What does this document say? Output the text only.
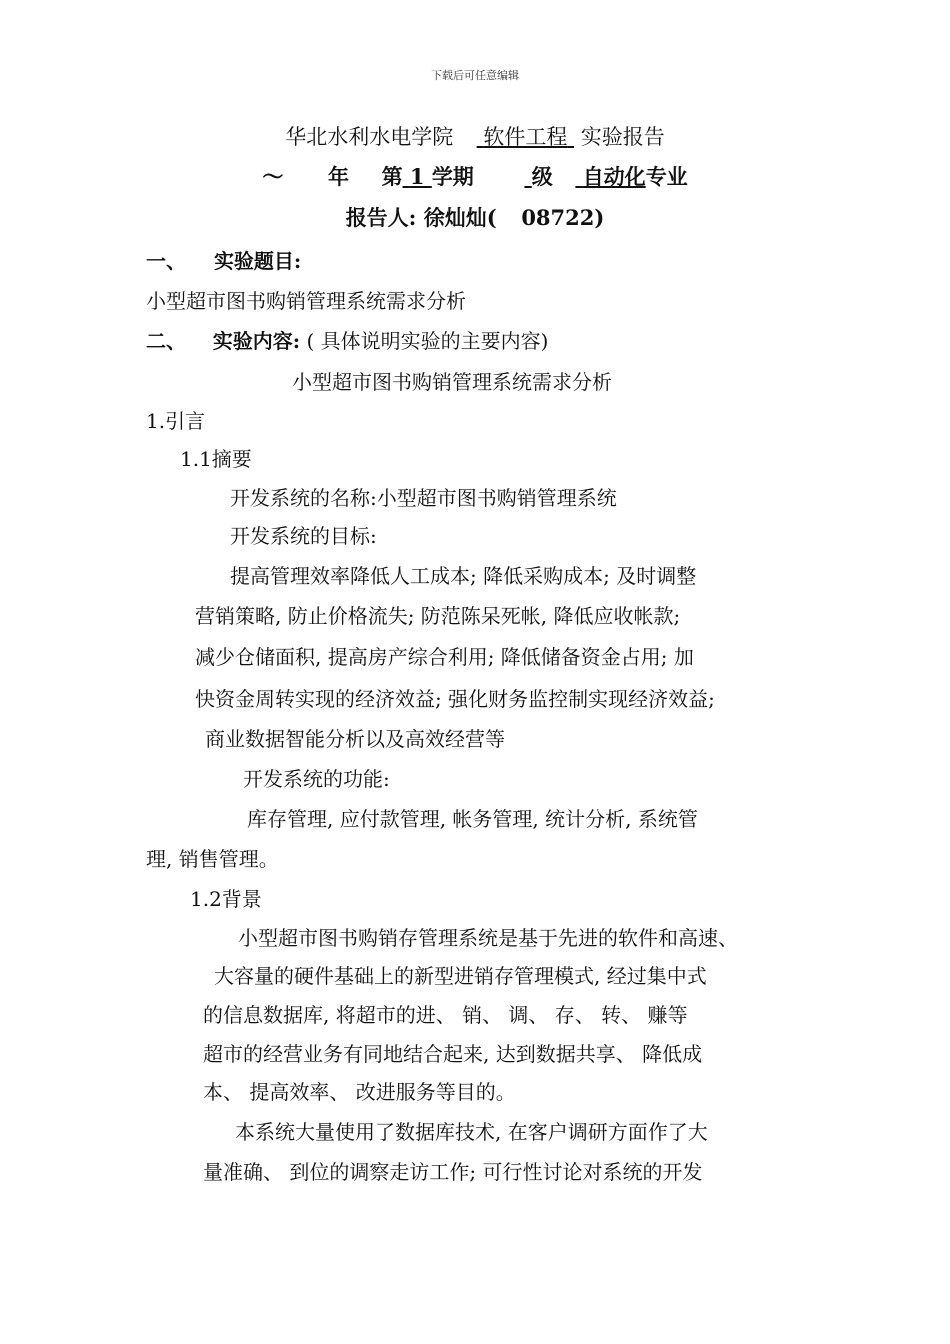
下载后可任意编辑
华北水利水电学院 软件工程 实验报告
～ 年 第 1 学期	级 自动化专业
报告人: 徐灿灿( 08722)
一、 实验题目:
小型超市图书购销管理系统需求分析
二、 实验内容: ( 具体说明实验的主要内容)
小型超市图书购销管理系统需求分析
1.引言
1.1摘要
开发系统的名称:小型超市图书购销管理系统
开发系统的目标:
提高管理效率降低人工成本; 降低采购成本; 及时调整
营销策略, 防止价格流失; 防范陈呆死帐, 降低应收帐款;
减少仓储面积, 提高房产综合利用; 降低储备资金占用; 加
快资金周转实现的经济效益; 强化财务监控制实现经济效益;
商业数据智能分析以及高效经营等
开发系统的功能:
库存管理, 应付款管理, 帐务管理, 统计分析, 系统管
理, 销售管理。
1.2背景
小型超市图书购销存管理系统是基于先进的软件和高速、
大容量的硬件基础上的新型进销存管理模式, 经过集中式
的信息数据库, 将超市的进、 销、 调、 存、 转、 赚等
超市的经营业务有同地结合起来, 达到数据共享、 降低成
本、 提高效率、 改进服务等目的。
本系统大量使用了数据库技术, 在客户调研方面作了大
量准确、 到位的调察走访工作; 可行性讨论对系统的开发
